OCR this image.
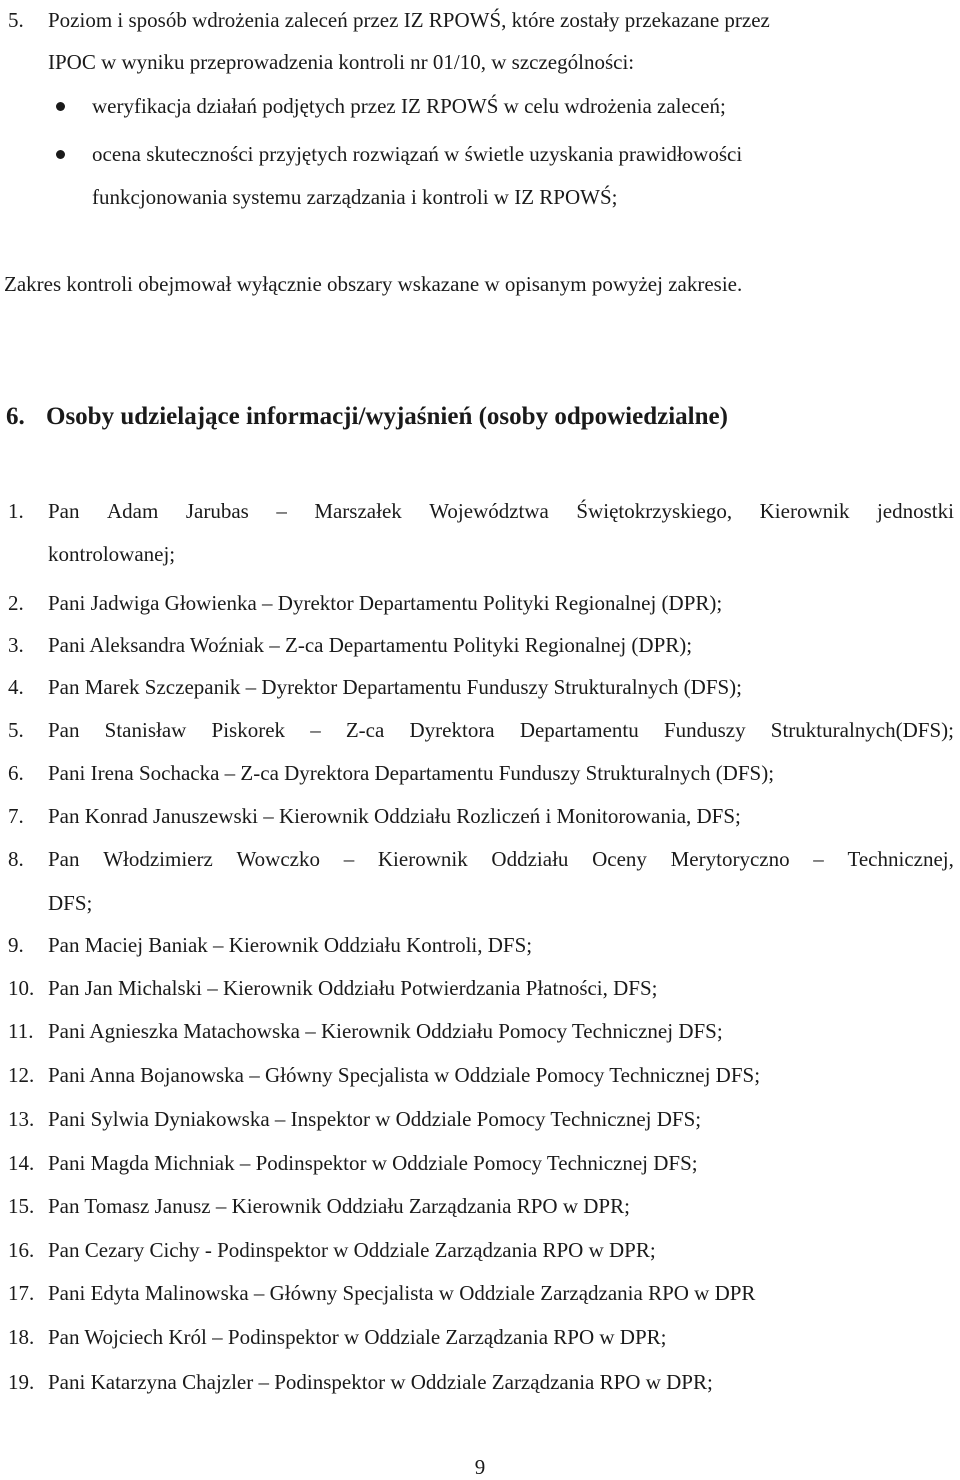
5. Poziom i sposób wdrożenia zaleceń przez IZ RPOWŚ, które zostały przekazane przez
IPOC w wyniku przeprowadzenia kontroli nr 01/10, w szczególności:
weryfikacja działań podjętych przez IZ RPOWŚ w celu wdrożenia zaleceń;
ocena skuteczności przyjętych rozwiązań w świetle uzyskania prawidłowości
funkcjonowania systemu zarządzania i kontroli w IZ RPOWŚ;
Zakres kontroli obejmował wyłącznie obszary wskazane w opisanym powyżej zakresie.
6. Osoby udzielające informacji/wyjaśnień (osoby odpowiedzialne)
1. Pan Adam Jarubas – Marszałek Województwa Świętokrzyskiego, Kierownik jednostki
kontrolowanej;
2. Pani Jadwiga Głowienka – Dyrektor Departamentu Polityki Regionalnej (DPR);
3. Pani Aleksandra Woźniak – Z-ca Departamentu Polityki Regionalnej (DPR);
4. Pan Marek Szczepanik – Dyrektor Departamentu Funduszy Strukturalnych (DFS);
5. Pan Stanisław Piskorek – Z-ca Dyrektora Departamentu Funduszy Strukturalnych(DFS);
6. Pani Irena Sochacka – Z-ca Dyrektora Departamentu Funduszy Strukturalnych (DFS);
7. Pan Konrad Januszewski – Kierownik Oddziału Rozliczeń i Monitorowania, DFS;
8. Pan Włodzimierz Wowczko – Kierownik Oddziału Oceny Merytoryczno – Technicznej,
DFS;
9. Pan Maciej Baniak – Kierownik Oddziału Kontroli, DFS;
10. Pan Jan Michalski – Kierownik Oddziału Potwierdzania Płatności, DFS;
11. Pani Agnieszka Matachowska – Kierownik Oddziału Pomocy Technicznej DFS;
12. Pani Anna Bojanowska – Główny Specjalista w Oddziale Pomocy Technicznej DFS;
13. Pani Sylwia Dyniakowska – Inspektor w Oddziale Pomocy Technicznej DFS;
14. Pani Magda Michniak – Podinspektor w Oddziale Pomocy Technicznej DFS;
15. Pan Tomasz Janusz – Kierownik Oddziału Zarządzania RPO w DPR;
16. Pan Cezary Cichy - Podinspektor w Oddziale Zarządzania RPO w DPR;
17. Pani Edyta Malinowska – Główny Specjalista w Oddziale Zarządzania RPO w DPR
18. Pan Wojciech Król – Podinspektor w Oddziale Zarządzania RPO w DPR;
19. Pani Katarzyna Chajzler – Podinspektor w Oddziale Zarządzania RPO w DPR;
9
